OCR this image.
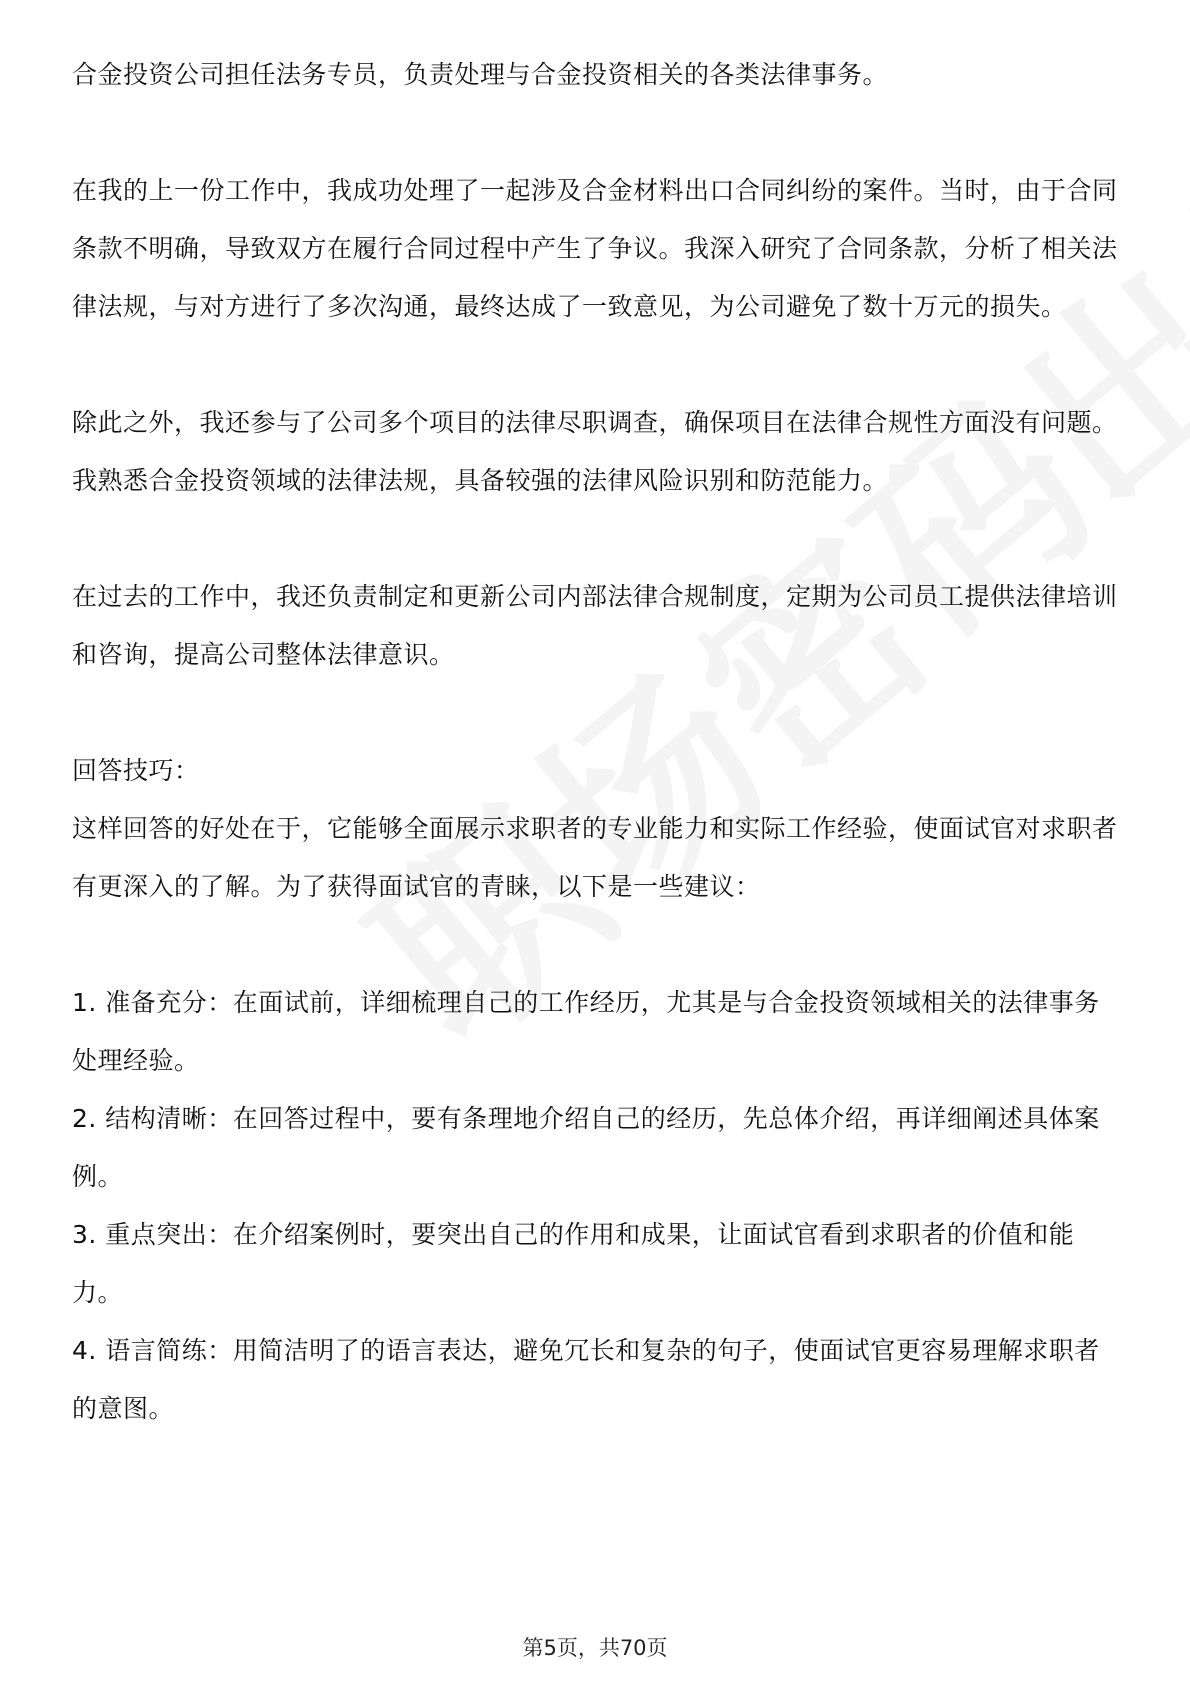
合金投资公司担任法务专员，负责处理与合金投资相关的各类法律事务。

在我的上一份工作中，我成功处理了一起涉及合金材料出口合同纠纷的案件。当时，由于合同条款不明确，导致双方在履行合同过程中产生了争议。我深入研究了合同条款，分析了相关法律法规，与对方进行了多次沟通，最终达成了一致意见，为公司避免了数十万元的损失。

除此之外，我还参与了公司多个项目的法律尽职调查，确保项目在法律合规性方面没有问题。我熟悉合金投资领域的法律法规，具备较强的法律风险识别和防范能力。

在过去的工作中，我还负责制定和更新公司内部法律合规制度，定期为公司员工提供法律培训和咨询，提高公司整体法律意识。

回答技巧：

这样回答的好处在于，它能够全面展示求职者的专业能力和实际工作经验，使面试官对求职者有更深入的了解。为了获得面试官的青睐，以下是一些建议：

1. 准备充分：在面试前，详细梳理自己的工作经历，尤其是与合金投资领域相关的法律事务处理经验。

2. 结构清晰：在回答过程中，要有条理地介绍自己的经历，先总体介绍，再详细阐述具体案例。

3. 重点突出：在介绍案例时，要突出自己的作用和成果，让面试官看到求职者的价值和能力。

4. 语言简练：用简洁明了的语言表达，避免冗长和复杂的句子，使面试官更容易理解求职者的意图。

第5页，共70页
